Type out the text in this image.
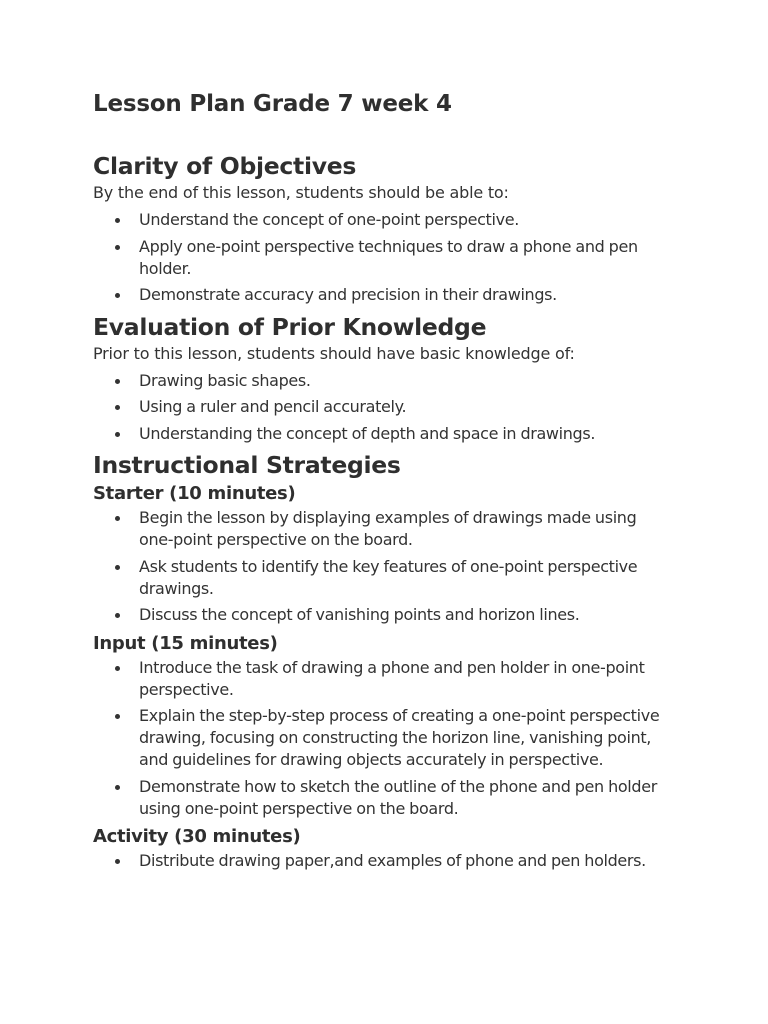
Lesson Plan Grade 7 week 4
Clarity of Objectives

By the end of this lesson, students should be able to:

Understand the concept of one-point perspective.
Apply one-point perspective techniques to draw a phone and pen holder.
Demonstrate accuracy and precision in their drawings.
Evaluation of Prior Knowledge

Prior to this lesson, students should have basic knowledge of:

Drawing basic shapes.
Using a ruler and pencil accurately.
Understanding the concept of depth and space in drawings.
Instructional Strategies
Starter (10 minutes)
Begin the lesson by displaying examples of drawings made using one-point perspective on the board.
Ask students to identify the key features of one-point perspective drawings.
Discuss the concept of vanishing points and horizon lines.
Input (15 minutes)
Introduce the task of drawing a phone and pen holder in one-point perspective.
Explain the step-by-step process of creating a one-point perspective drawing, focusing on constructing the horizon line, vanishing point, and guidelines for drawing objects accurately in perspective.
Demonstrate how to sketch the outline of the phone and pen holder using one-point perspective on the board.
Activity (30 minutes)
Distribute drawing paper,and examples of phone and pen holders.
